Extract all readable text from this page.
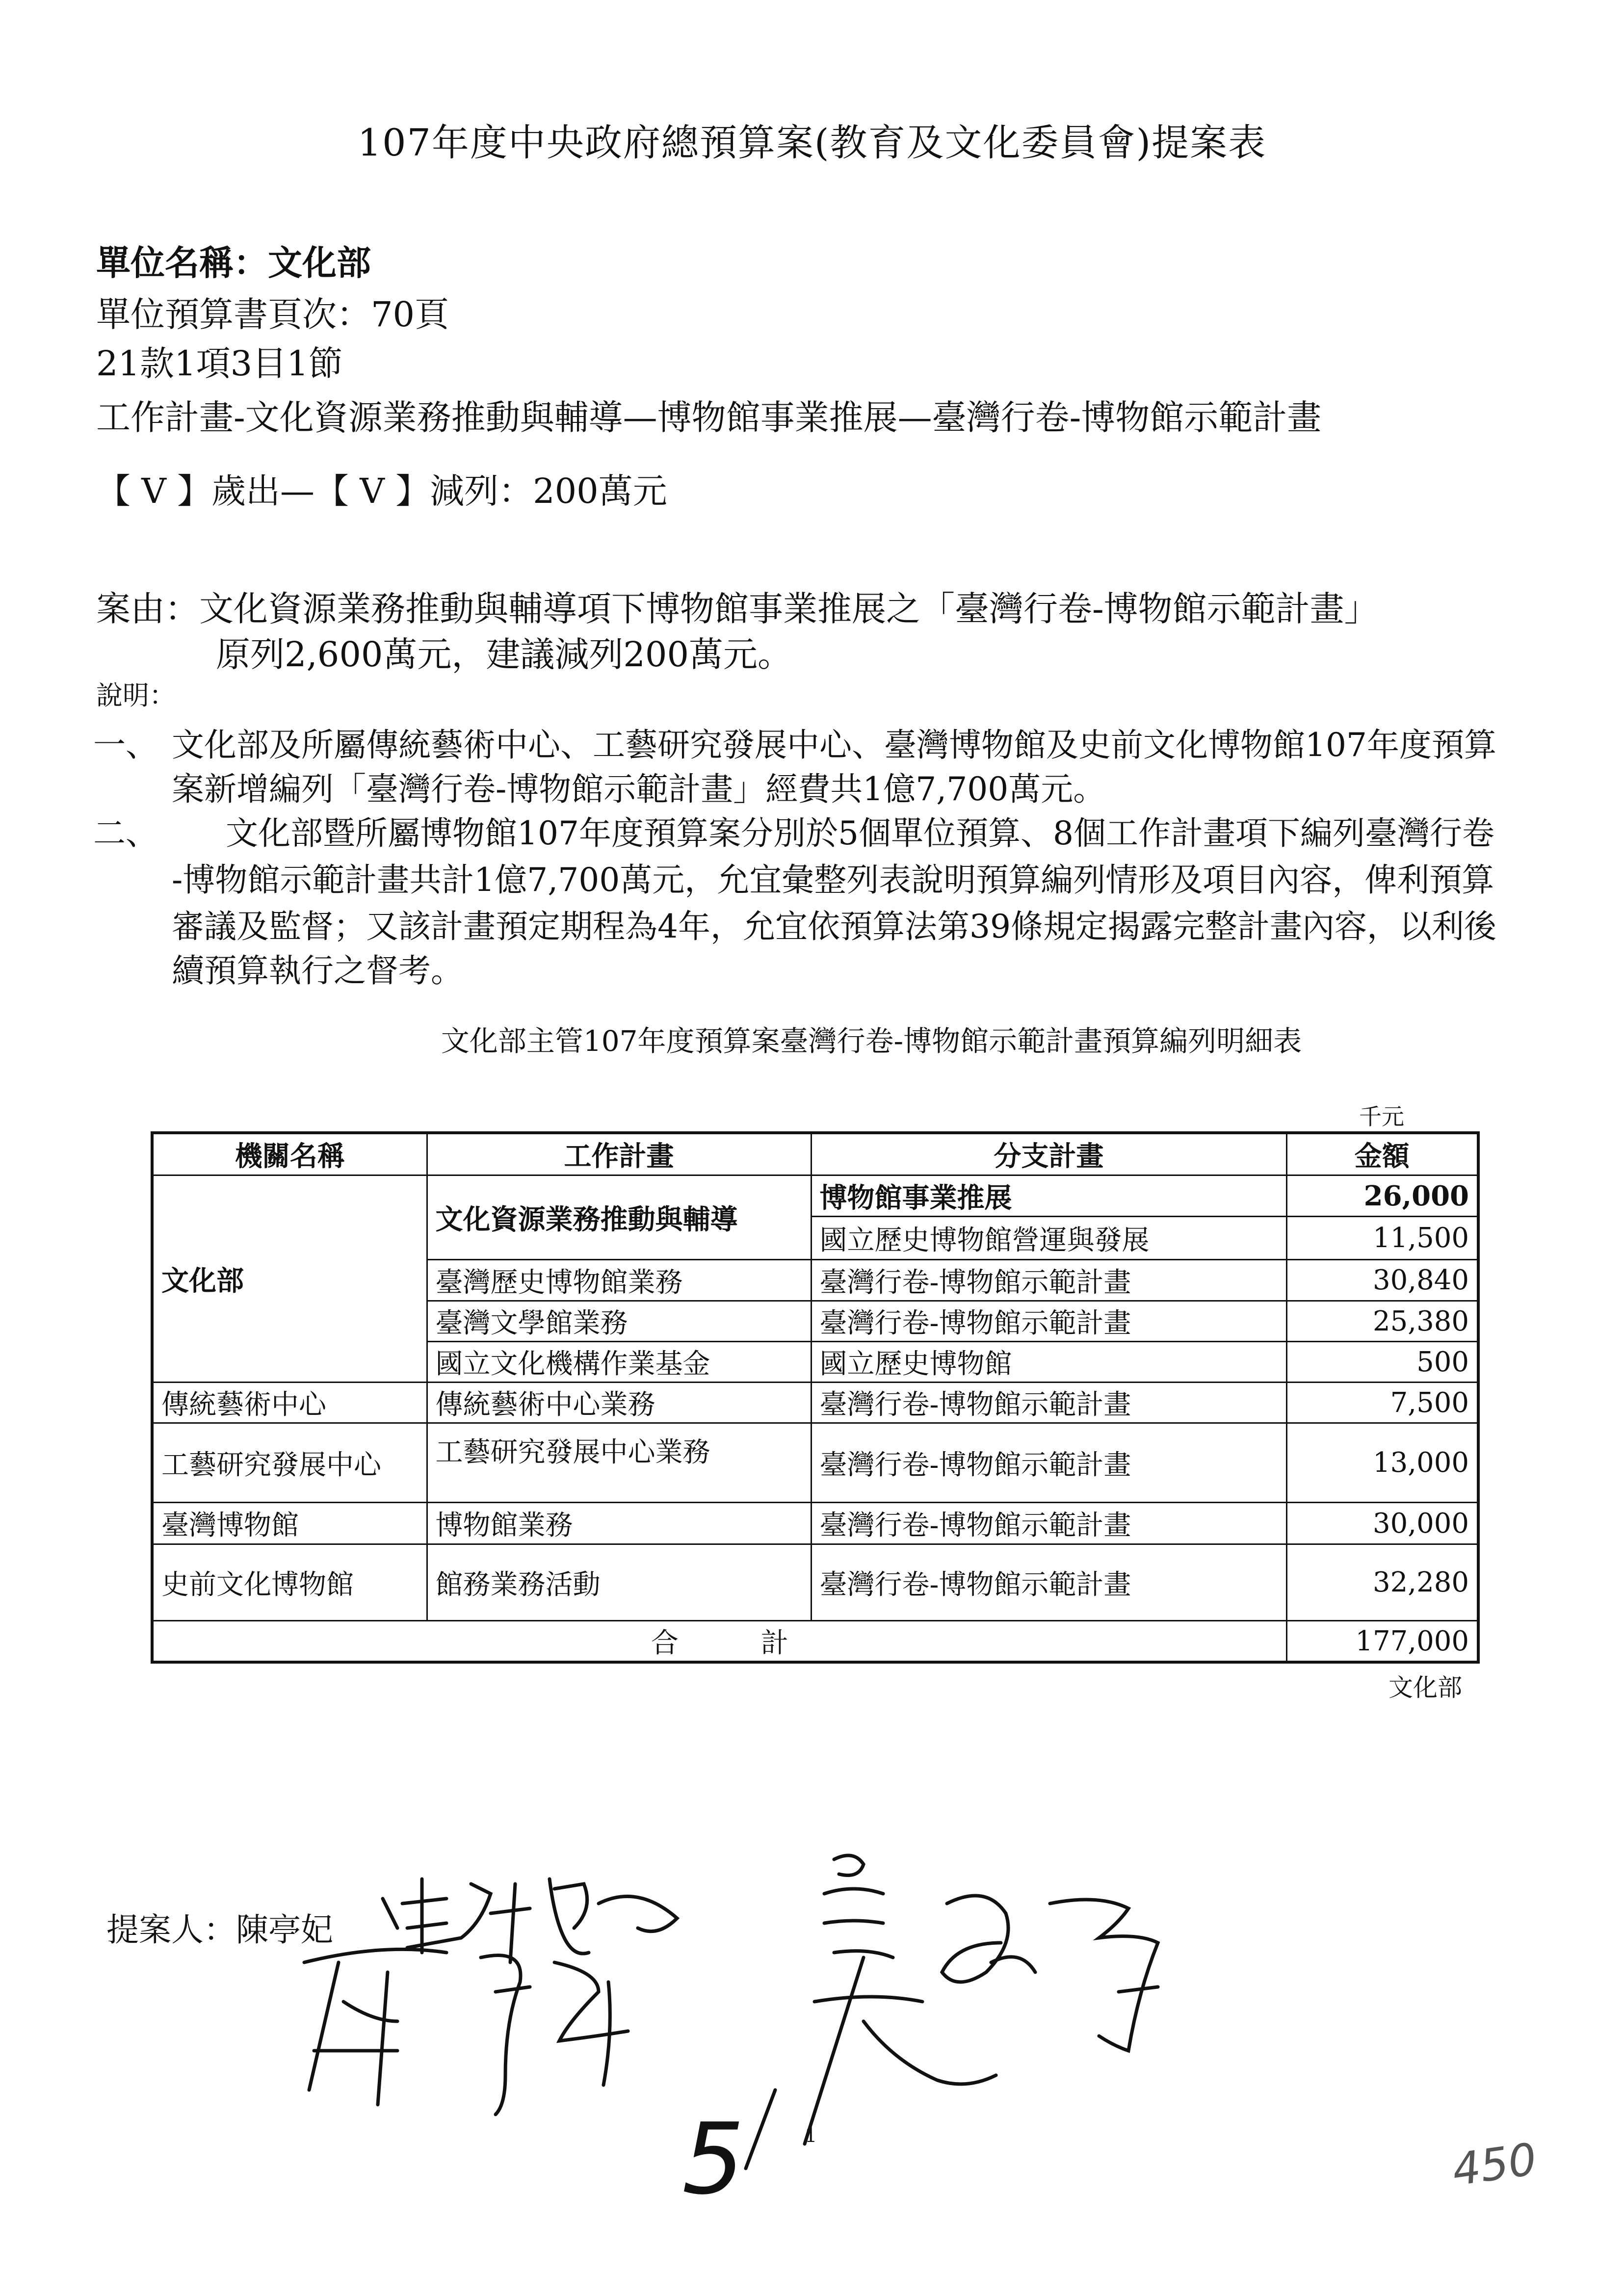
107年度中央政府總預算案(教育及文化委員會)提案表
單位名稱：文化部
單位預算書頁次：70頁
21款1項3目1節
工作計畫-文化資源業務推動與輔導—博物館事業推展—臺灣行卷-博物館示範計畫
【 V 】歲出—【 V 】減列：200萬元
案由：文化資源業務推動與輔導項下博物館事業推展之「臺灣行卷-博物館示範計畫」
原列2,600萬元，建議減列200萬元。
說明：
一、 文化部及所屬傳統藝術中心、工藝研究發展中心、臺灣博物館及史前文化博物館107年度預算
案新增編列「臺灣行卷-博物館示範計畫」經費共1億7,700萬元。
二、 文化部暨所屬博物館107年度預算案分別於5個單位預算、8個工作計畫項下編列臺灣行卷
-博物館示範計畫共計1億7,700萬元，允宜彙整列表說明預算編列情形及項目內容，俾利預算
審議及監督；又該計畫預定期程為4年，允宜依預算法第39條規定揭露完整計畫內容，以利後
續預算執行之督考。
文化部主管107年度預算案臺灣行卷-博物館示範計畫預算編列明細表
千元
機關名稱	工作計畫	分支計畫	金額
文化部	文化資源業務推動與輔導	博物館事業推展	26,000
		國立歷史博物館營運與發展	11,500
	臺灣歷史博物館業務	臺灣行卷-博物館示範計畫	30,840
	臺灣文學館業務	臺灣行卷-博物館示範計畫	25,380
	國立文化機構作業基金	國立歷史博物館	500
傳統藝術中心	傳統藝術中心業務	臺灣行卷-博物館示範計畫	7,500
工藝研究發展中心	工藝研究發展中心業務	臺灣行卷-博物館示範計畫	13,000
臺灣博物館	博物館業務	臺灣行卷-博物館示範計畫	30,000
史前文化博物館	館務業務活動	臺灣行卷-博物館示範計畫	32,280
合　　　計			177,000
文化部
提案人：陳亭妃
5	1	450
